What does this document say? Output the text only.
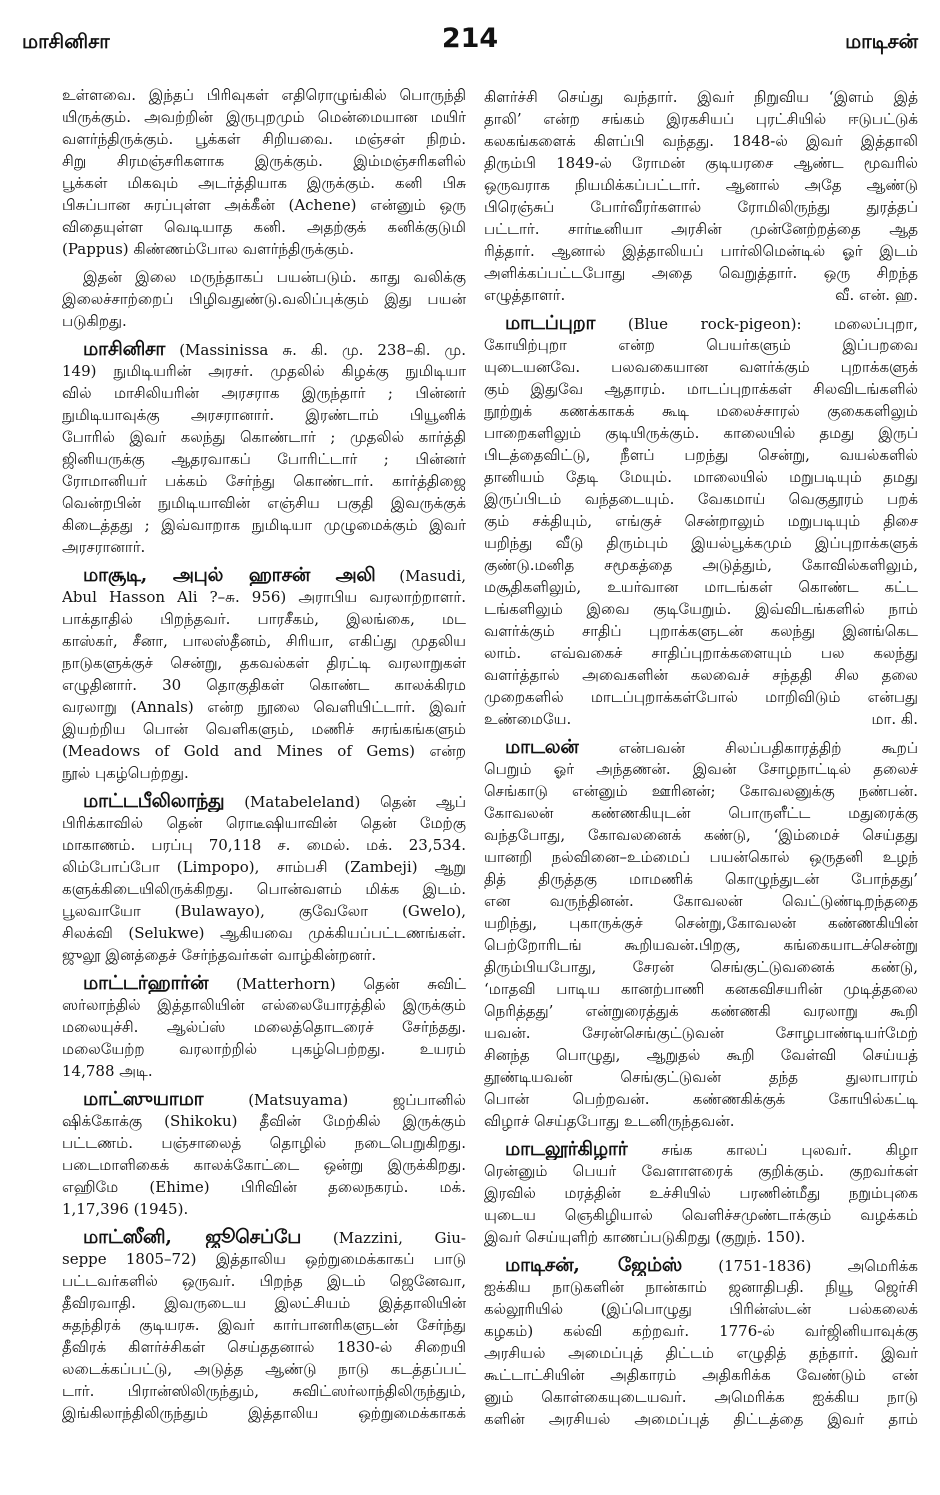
மாசினிசா	214	மாடிசன்
உள்ளவை. இந்தப் பிரிவுகள் எதிரொழுங்கில் பொருந்தி
யிருக்கும். அவற்றின் இருபுறமும் மென்மையான மயிர்
வளர்ந்திருக்கும். பூக்கள் சிறியவை. மஞ்சள் நிறம்.
சிறு சிரமஞ்சரிகளாக இருக்கும். இம்மஞ்சரிகளில்
பூக்கள் மிகவும் அடர்த்தியாக இருக்கும். கனி பிசு
பிசுப்பான சுரப்புள்ள அக்கீன் (Achene) என்னும் ஒரு
விதையுள்ள வெடியாத கனி. அதற்குக் கனிக்குடுமி
(Pappus) கிண்ணம்போல வளர்ந்திருக்கும்.
இதன் இலை மருந்தாகப் பயன்படும். காது வலிக்கு
இலைச்சாற்றைப் பிழிவதுண்டு.வலிப்புக்கும் இது பயன்
படுகிறது.
மாசினிசா (Massinissa சு. கி. மு. 238–கி. மு.
149) நுமிடியரின் அரசர். முதலில் கிழக்கு நுமிடியா
வில் மாசிலியரின் அரசராக இருந்தார் ; பின்னர்
நுமிடியாவுக்கு அரசரானார். இரண்டாம் பியூனிக்
போரில் இவர் கலந்து கொண்டார் ; முதலில் கார்த்தி
ஜினியருக்கு ஆதரவாகப் போரிட்டார் ; பின்னர்
ரோமானியர் பக்கம் சேர்ந்து கொண்டார். கார்த்திஜை
வென்றபின் நுமிடியாவின் எஞ்சிய பகுதி இவருக்குக்
கிடைத்தது ; இவ்வாறாக நுமிடியா முழுமைக்கும் இவர்
அரசரானார்.
மாசூடி, அபுல் ஹாசன் அலி (Masudi,
Abul Hasson Ali ?–சு. 956) அராபிய வரலாற்றாளர்.
பாக்தாதில் பிறந்தவர். பாரசீகம், இலங்கை, மட
காஸ்கர், சீனா, பாலஸ்தீனம், சிரியா, எகிப்து முதலிய
நாடுகளுக்குச் சென்று, தகவல்கள் திரட்டி வரலாறுகள்
எழுதினார். 30 தொகுதிகள் கொண்ட காலக்கிரம
வரலாறு (Annals) என்ற நூலை வெளியிட்டார். இவர்
இயற்றிய பொன் வெளிகளும், மணிச் சுரங்கங்களும்
(Meadows of Gold and Mines of Gems) என்ற
நூல் புகழ்பெற்றது.
மாட்டபீலிலாந்து (Matabeleland) தென் ஆப்
பிரிக்காவில் தென் ரொடீஷியாவின் தென் மேற்கு
மாகாணம். பரப்பு 70,118 ச. மைல். மக். 23,534.
லிம்போப்போ (Limpopo), சாம்பசி (Zambeji) ஆறு
களுக்கிடையிலிருக்கிறது. பொன்வளம் மிக்க இடம்.
பூலவாயோ (Bulawayo), குவேலோ (Gwelo),
சிலக்வி (Selukwe) ஆகியவை முக்கியப்பட்டணங்கள்.
ஜுலூ இனத்தைச் சேர்ந்தவர்கள் வாழ்கின்றனர்.
மாட்டர்ஹார்ன் (Matterhorn) தென் சுவிட்
ஸர்லாந்தில் இத்தாலியின் எல்லையோரத்தில் இருக்கும்
மலையுச்சி. ஆல்ப்ஸ் மலைத்தொடரைச் சேர்ந்தது.
மலையேற்ற வரலாற்றில் புகழ்பெற்றது. உயரம்
14,788 அடி.
மாட்ஸுயாமா	(Matsuyama) ஜப்பானில்
ஷிக்கோக்கு (Shikoku) தீவின் மேற்கில் இருக்கும்
பட்டணம். பஞ்சாலைத் தொழில் நடைபெறுகிறது.
படைமாளிகைக் காலக்கோட்டை ஒன்று இருக்கிறது.
எஹிமே (Ehime) பிரிவின் தலைநகரம். மக்.
1,17,396 (1945).
மாட்ஸீனி, ஜூசெப்பே (Mazzini, Giu-
seppe 1805–72) இத்தாலிய ஒற்றுமைக்காகப் பாடு
பட்டவர்களில் ஒருவர். பிறந்த இடம் ஜெனேவா,
தீவிரவாதி. இவருடைய இலட்சியம் இத்தாலியின்
சுதந்திரக் குடியரசு. இவர் கார்பானரிகளுடன் சேர்ந்து
தீவிரக் கிளர்ச்சிகள் செய்ததனால் 1830-ல் சிறையி
லடைக்கப்பட்டு, அடுத்த ஆண்டு நாடு கடத்தப்பட்
டார். பிரான்ஸிலிருந்தும், சுவிட்ஸர்லாந்திலிருந்தும்,
இங்கிலாந்திலிருந்தும் இத்தாலிய ஒற்றுமைக்காகக்
கிளர்ச்சி செய்து வந்தார். இவர் நிறுவிய ‘இளம் இத்
தாலி’ என்ற சங்கம் இரகசியப் புரட்சியில் ஈடுபட்டுக்
கலகங்களைக் கிளப்பி வந்தது. 1848-ல் இவர் இத்தாலி
திரும்பி 1849-ல் ரோமன் குடியரசை ஆண்ட மூவரில்
ஒருவராக நியமிக்கப்பட்டார். ஆனால் அதே ஆண்டு
பிரெஞ்சுப் போர்வீரர்களால் ரோமிலிருந்து துரத்தப்
பட்டார். சார்டீனியா அரசின் முன்னேற்றத்தை ஆத
ரித்தார். ஆனால் இத்தாலியப் பார்லிமென்டில் ஓர் இடம்
அளிக்கப்பட்டபோது அதை வெறுத்தார். ஒரு சிறந்த
எழுத்தாளர்.	வீ. என். ஹ.
மாடப்புறா (Blue rock-pigeon): மலைப்புறா,
கோயிற்புறா என்ற பெயர்களும் இப்பறவை
யுடையனவே. பலவகையான வளர்க்கும் புறாக்களுக்
கும் இதுவே ஆதாரம். மாடப்புறாக்கள் சிலவிடங்களில்
நூற்றுக் கணக்காகக் கூடி மலைச்சாரல் குகைகளிலும்
பாறைகளிலும் குடியிருக்கும். காலையில் தமது இருப்
பிடத்தைவிட்டு, நீளப் பறந்து சென்று, வயல்களில்
தானியம் தேடி மேயும். மாலையில் மறுபடியும் தமது
இருப்பிடம் வந்தடையும். வேகமாய் வெகுதூரம் பறக்
கும் சக்தியும், எங்குச் சென்றாலும் மறுபடியும் திசை
யறிந்து வீடு திரும்பும் இயல்பூக்கமும் இப்புறாக்களுக்
குண்டு.மனித சமூகத்தை அடுத்தும், கோவில்களிலும்,
மசூதிகளிலும், உயர்வான மாடங்கள் கொண்ட கட்ட
டங்களிலும் இவை குடியேறும். இவ்விடங்களில் நாம்
வளர்க்கும் சாதிப் புறாக்களுடன் கலந்து இனங்கெட
லாம். எவ்வகைச் சாதிப்புறாக்களையும் பல கலந்து
வளர்த்தால் அவைகளின் கலவைச் சந்ததி சில தலை
முறைகளில் மாடப்புறாக்கள்போல் மாறிவிடும் என்பது
உண்மையே.	மா. கி.
மாடலன்	என்பவன் சிலப்பதிகாரத்திற் கூறப்
பெறும் ஓர் அந்தணன். இவன் சோழநாட்டில் தலைச்
செங்காடு என்னும் ஊரினன்; கோவலனுக்கு நண்பன்.
கோவலன் கண்ணகியுடன் பொருளீட்ட மதுரைக்கு
வந்தபோது, கோவலனைக் கண்டு, ‘இம்மைச் செய்தது
யானறி நல்வினை–உம்மைப் பயன்கொல் ஒருதனி உழந்
தித் திருத்தகு மாமணிக் கொழுந்துடன் போந்தது’
என வருந்தினன். கோவலன் வெட்டுண்டிறந்ததை
யறிந்து, புகாருக்குச் சென்று,கோவலன் கண்ணகியின்
பெற்றோரிடங் கூறியவன்.பிறகு, கங்கையாடச்சென்று
திரும்பியபோது, சேரன் செங்குட்டுவனைக் கண்டு,
‘மாதவி பாடிய கானற்பாணி கனகவிசயரின் முடித்தலை
நெரித்தது’ என்றுரைத்துக் கண்ணகி வரலாறு கூறி
யவன். சேரன்செங்குட்டுவன் சோழபாண்டியர்மேற்
சினந்த பொழுது, ஆறுதல் கூறி வேள்வி செய்யத்
தூண்டியவன் செங்குட்டுவன் தந்த துலாபாரம்
பொன் பெற்றவன். கண்ணகிக்குக் கோயில்கட்டி
விழாச் செய்தபோது உடனிருந்தவன்.
மாடலூர்கிழார் சங்க காலப் புலவர். கிழா
ரென்னும் பெயர் வேளாளரைக் குறிக்கும். குறவர்கள்
இரவில் மரத்தின் உச்சியில் பரணின்மீது நறும்புகை
யுடைய ஞெகிழியால் வெளிச்சமுண்டாக்கும் வழக்கம்
இவர் செய்யுளிற் காணப்படுகிறது (குறுந். 150).
மாடிசன், ஜேம்ஸ் (1751-1836) அமெரிக்க
ஐக்கிய நாடுகளின் நான்காம் ஜனாதிபதி. நியூ ஜெர்சி
கல்லூரியில் (இப்பொழுது பிரின்ஸ்டன் பல்கலைக்
கழகம்) கல்வி கற்றவர். 1776-ல் வர்ஜினியாவுக்கு
அரசியல் அமைப்புத் திட்டம் எழுதித் தந்தார். இவர்
கூட்டாட்சியின் அதிகாரம் அதிகரிக்க வேண்டும் என்
னும் கொள்கையுடையவர். அமெரிக்க ஐக்கிய நாடு
களின் அரசியல் அமைப்புத் திட்டத்தை இவர் தாம்
